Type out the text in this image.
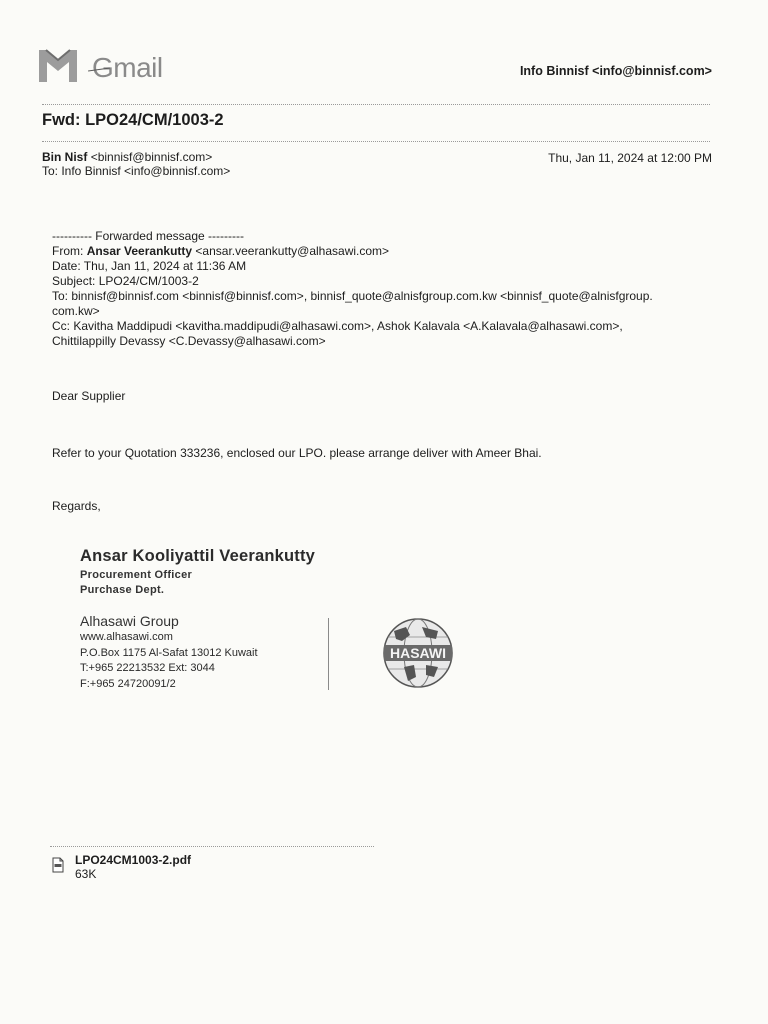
Gmail	Info Binnisf <info@binnisf.com>
Fwd: LPO24/CM/1003-2
Bin Nisf <binnisf@binnisf.com>
To: Info Binnisf <info@binnisf.com>
Thu, Jan 11, 2024 at 12:00 PM
---------- Forwarded message ---------
From: Ansar Veerankutty <ansar.veerankutty@alhasawi.com>
Date: Thu, Jan 11, 2024 at 11:36 AM
Subject: LPO24/CM/1003-2
To: binnisf@binnisf.com <binnisf@binnisf.com>, binnisf_quote@alnisfgroup.com.kw <binnisf_quote@alnisfgroup.
com.kw>
Cc: Kavitha Maddipudi <kavitha.maddipudi@alhasawi.com>, Ashok Kalavala <A.Kalavala@alhasawi.com>,
Chittilappilly Devassy <C.Devassy@alhasawi.com>
Dear Supplier
Refer to your Quotation 333236, enclosed our LPO. please arrange deliver with Ameer Bhai.
Regards,
Ansar Kooliyattil Veerankutty
Procurement Officer
Purchase Dept.
Alhasawi Group
www.alhasawi.com
P.O.Box 1175 Al-Safat 13012 Kuwait
T:+965 22213532 Ext: 3044
F:+965 24720091/2
HASAWI
LPO24CM1003-2.pdf
63K
